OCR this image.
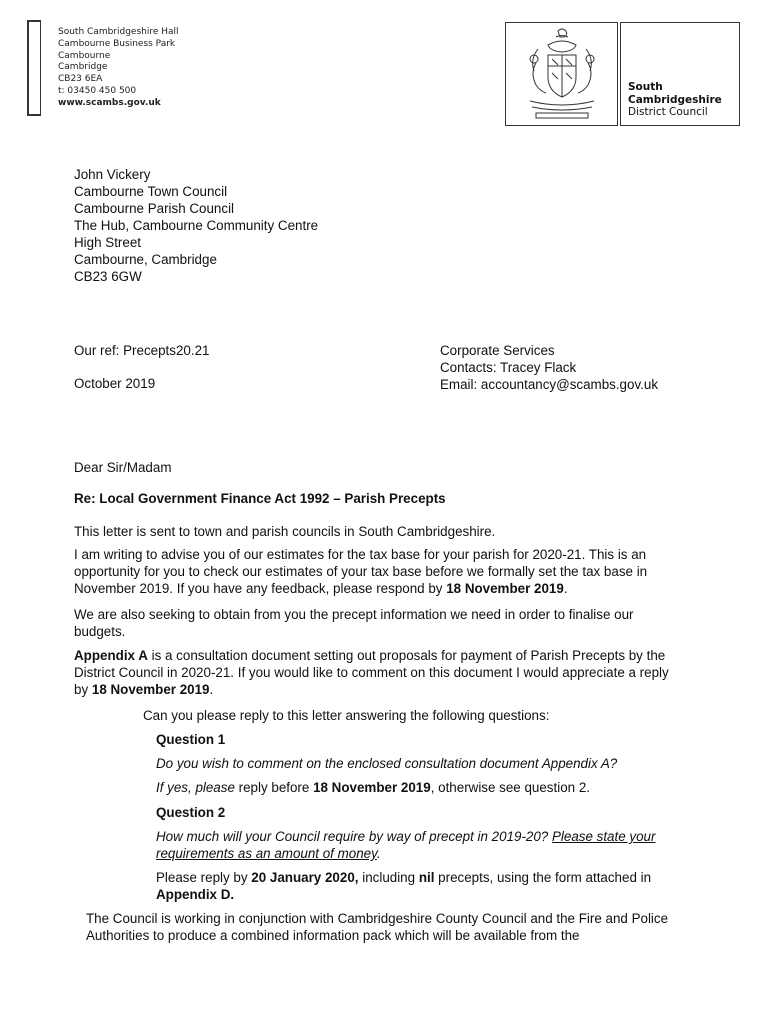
South Cambridgeshire Hall
Cambourne Business Park
Cambourne
Cambridge
CB23 6EA
t: 03450 450 500
www.scambs.gov.uk
South
Cambridgeshire
District Council
John Vickery
Cambourne Town Council
Cambourne Parish Council
The Hub, Cambourne Community Centre
High Street
Cambourne, Cambridge
CB23 6GW
Our ref: Precepts20.21
October 2019
Corporate Services
Contacts: Tracey Flack
Email: accountancy@scambs.gov.uk
Dear Sir/Madam
Re: Local Government Finance Act 1992 – Parish Precepts

This letter is sent to town and parish councils in South Cambridgeshire.

I am writing to advise you of our estimates for the tax base for your parish for 2020-21. This is an opportunity for you to check our estimates of your tax base before we formally set the tax base in November 2019. If you have any feedback, please respond by 18 November 2019.

We are also seeking to obtain from you the precept information we need in order to finalise our budgets.

Appendix A is a consultation document setting out proposals for payment of Parish Precepts by the District Council in 2020-21. If you would like to comment on this document I would appreciate a reply by 18 November 2019.

Can you please reply to this letter answering the following questions:

Question 1

Do you wish to comment on the enclosed consultation document Appendix A?

If yes, please reply before 18 November 2019, otherwise see question 2.

Question 2

How much will your Council require by way of precept in 2019-20? Please state your requirements as an amount of money.

Please reply by 20 January 2020, including nil precepts, using the form attached in Appendix D.

The Council is working in conjunction with Cambridgeshire County Council and the Fire and Police Authorities to produce a combined information pack which will be available from the
